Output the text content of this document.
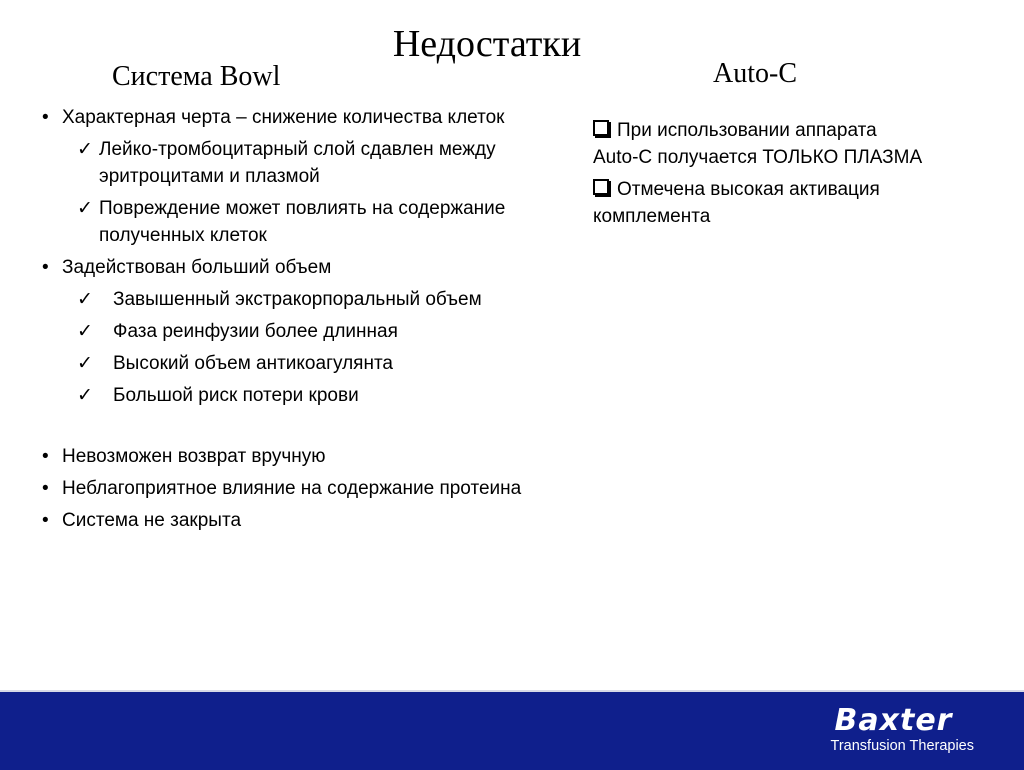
Недостатки
Система Bowl	Auto-C
• Характерная черта – снижение количества клеток
✓ Лейко-тромбоцитарный слой сдавлен между эритроцитами и плазмой
✓ Повреждение может повлиять на содержание полученных клеток
• Задействован больший объем
✓	Завышенный экстракорпоральный объем
✓ Фаза реинфузии более длинная
✓ Высокий объем антикоагулянта
✓ Большой риск потери крови
• Невозможен возврат вручную
• Неблагоприятное влияние на содержание протеина
• Система не закрыта
При использовании аппарата Auto-C получается ТОЛЬКО ПЛАЗМА
Отмечена высокая активация комплемента
Baxter
Transfusion Therapies
